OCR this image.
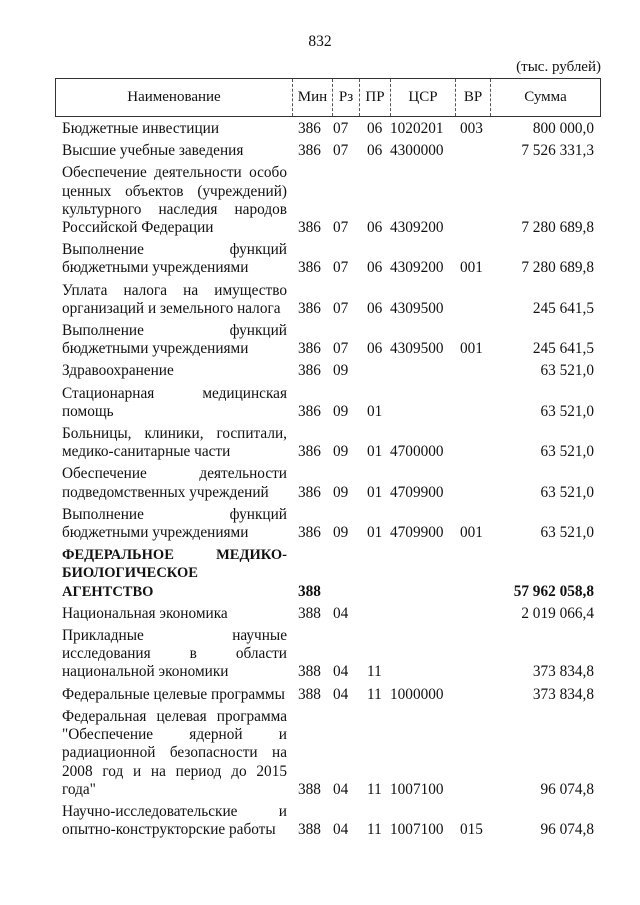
832
(тыс. рублей)
Наименование	Мин Рз ПР	ЦСР	ВР	Сумма
Бюджетные инвестиции	386 07 06 1020201 003	800 000,0
Высшие учебные заведения	386 07 06 4300000	7 526 331,3
Обеспечение деятельности особо ценных объектов (учреждений) культурного наследия народов Российской Федерации	386 07 06 4309200	7 280 689,8
Выполнение функций бюджетными учреждениями	386 07 06 4309200 001	7 280 689,8
Уплата налога на имущество организаций и земельного налога	386 07 06 4309500	245 641,5
Выполнение функций бюджетными учреждениями	386 07 06 4309500 001	245 641,5
Здравоохранение	386 09	63 521,0
Стационарная медицинская помощь	386 09 01	63 521,0
Больницы, клиники, госпитали, медико-санитарные части	386 09 01 4700000	63 521,0
Обеспечение деятельности подведомственных учреждений	386 09 01 4709900	63 521,0
Выполнение функций бюджетными учреждениями	386 09 01 4709900 001	63 521,0
ФЕДЕРАЛЬНОЕ МЕДИКО-БИОЛОГИЧЕСКОЕ АГЕНТСТВО	388	57 962 058,8
Национальная экономика	388 04	2 019 066,4
Прикладные научные исследования в области национальной экономики	388 04 11	373 834,8
Федеральные целевые программы 388 04 11 1000000	373 834,8
Федеральная целевая программа "Обеспечение ядерной и радиационной безопасности на 2008 год и на период до 2015 года"	388 04 11 1007100	96 074,8
Научно-исследовательские и опытно-конструкторские работы	388 04 11 1007100 015	96 074,8
